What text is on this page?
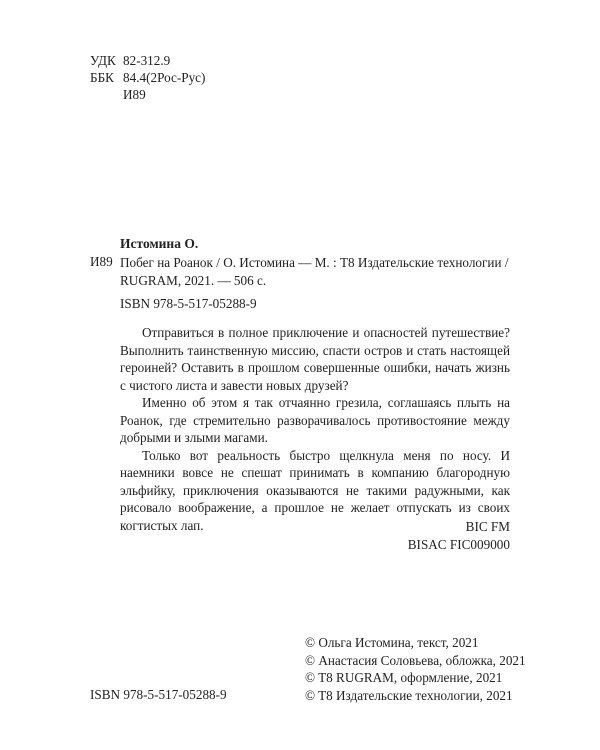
УДК 82-312.9
ББК 84.4(2Рос-Рус)
И89
Истомина О.
И89 Побег на Роанок / О. Истомина — М. : T8 Издательские технологии / RUGRAM, 2021. — 506 с.
ISBN 978-5-517-05288-9

Отправиться в полное приключение и опасностей путешествие? Выполнить таинственную миссию, спасти остров и стать настоящей героиней? Оставить в прошлом совершенные ошибки, начать жизнь с чистого листа и завести новых друзей?

Именно об этом я так отчаянно грезила, соглашаясь плыть на Роанок, где стремительно разворачивалось противостояние между добрыми и злыми магами.

Только вот реальность быстро щелкнула меня по носу. И наемники вовсе не спешат принимать в компанию благородную эльфийку, приключения оказываются не такими радужными, как рисовало воображение, а прошлое не желает отпускать из своих когтистых лап.	BIC FM
BISAC FIC009000
© Ольга Истомина, текст, 2021
© Анастасия Соловьева, обложка, 2021
© T8 RUGRAM, оформление, 2021
© T8 Издательские технологии, 2021
ISBN 978-5-517-05288-9
